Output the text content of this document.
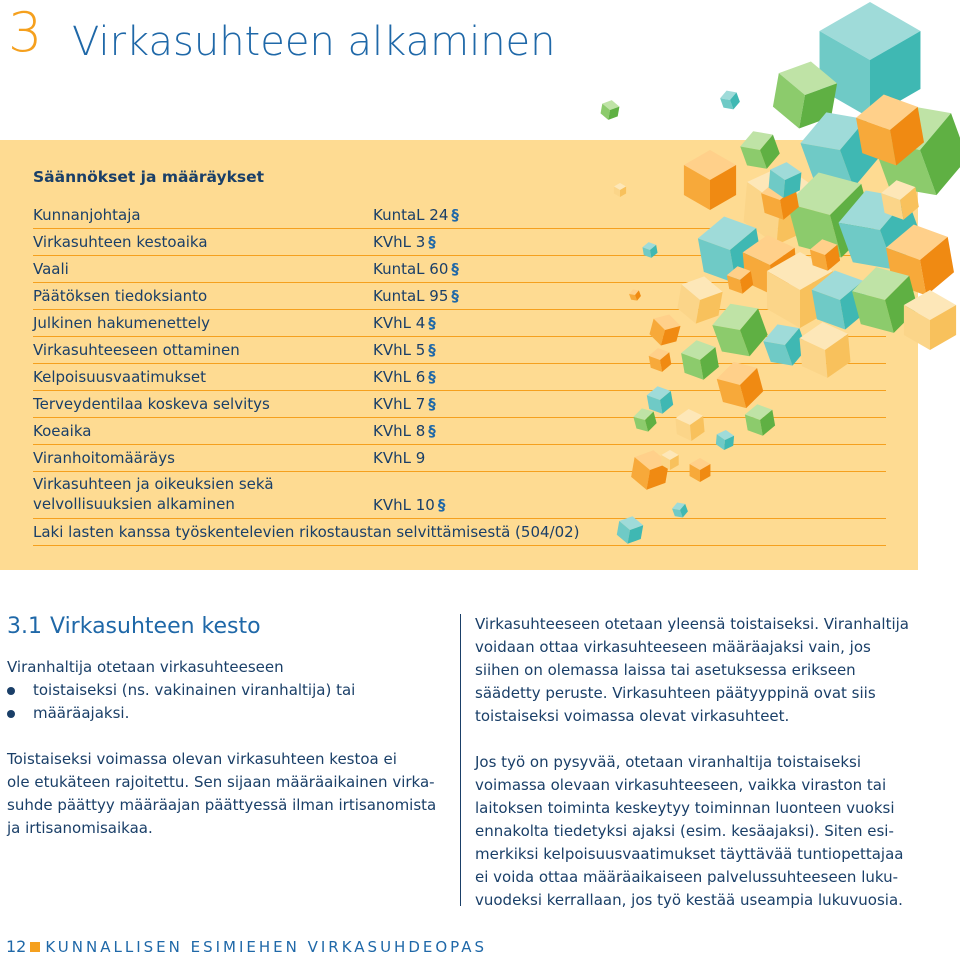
3 Virkasuhteen alkaminen
Säännökset ja määräykset
Kunnanjohtaja	KuntaL 24 §
Virkasuhteen kestoaika	KVhL 3 §
Vaali	KuntaL 60 §
Päätöksen tiedoksianto	KuntaL 95 §
Julkinen hakumenettely	KVhL 4 §
Virkasuhteeseen ottaminen	KVhL 5 §
Kelpoisuusvaatimukset	KVhL 6 §
Terveydentilaa koskeva selvitys	KVhL 7 §
Koeaika	KVhL 8 §
Viranhoitomääräys	KVhL 9
Virkasuhteen ja oikeuksien sekä
velvollisuuksien alkaminen	KVhL 10 §
Laki lasten kanssa työskentelevien rikostaustan selvittämisestä (504/02)
3.1 Virkasuhteen kesto
Viranhaltija otetaan virkasuhteeseen
toistaiseksi (ns. vakinainen viranhaltija) tai
määräajaksi.
Toistaiseksi voimassa olevan virkasuhteen kestoa ei
ole etukäteen rajoitettu. Sen sijaan määräaikainen virka-
suhde päättyy määräajan päättyessä ilman irtisanomista
ja irtisanomisaikaa.
Virkasuhteeseen otetaan yleensä toistaiseksi. Viranhaltija
voidaan ottaa virkasuhteeseen määräajaksi vain, jos
siihen on olemassa laissa tai asetuksessa erikseen
säädetty peruste. Virkasuhteen päätyyppinä ovat siis
toistaiseksi voimassa olevat virkasuhteet.
Jos työ on pysyvää, otetaan viranhaltija toistaiseksi
voimassa olevaan virkasuhteeseen, vaikka viraston tai
laitoksen toiminta keskeytyy toiminnan luonteen vuoksi
ennakolta tiedetyksi ajaksi (esim. kesäajaksi). Siten esi-
merkiksi kelpoisuusvaatimukset täyttävää tuntiopettajaa
ei voida ottaa määräaikaiseen palvelussuhteeseen luku-
vuodeksi kerrallaan, jos työ kestää useampia lukuvuosia.
12 KUNNALLISEN ESIMIEHEN VIRKASUHDEOPAS
